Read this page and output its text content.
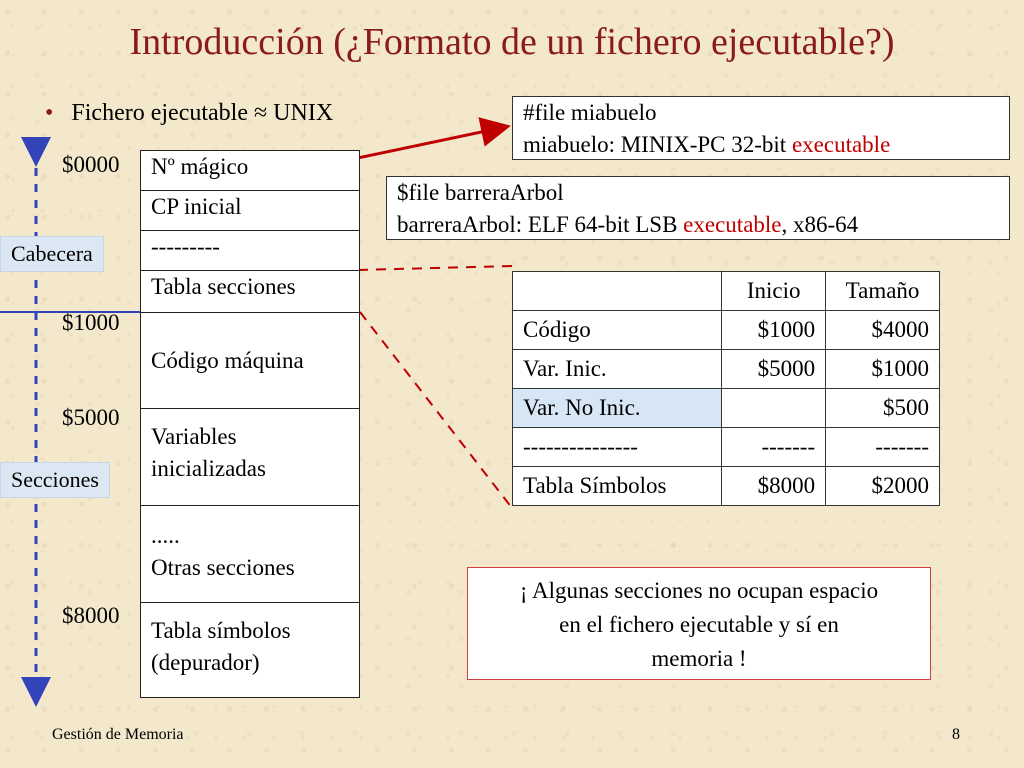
Introducción (¿Formato de un fichero ejecutable?)
• Fichero ejecutable ≈ UNIX
$0000
$1000
$5000
$8000
Nº mágico
CP inicial
---------
Tabla secciones
Código máquina
Variables
inicializadas
.....
Otras secciones
Tabla símbolos
(depurador)
Cabecera
Secciones
#file miabuelo
miabuelo: MINIX-PC 32-bit executable
$file barreraArbol
barreraArbol: ELF 64-bit LSB executable, x86-64
	Inicio	Tamaño
Código	$1000	$4000
Var. Inic.	$5000	$1000
Var. No Inic.		$500
---------------	-------	-------
Tabla Símbolos	$8000	$2000
¡ Algunas secciones no ocupan espacio
en el fichero ejecutable y sí en
memoria !
Gestión de Memoria	8
